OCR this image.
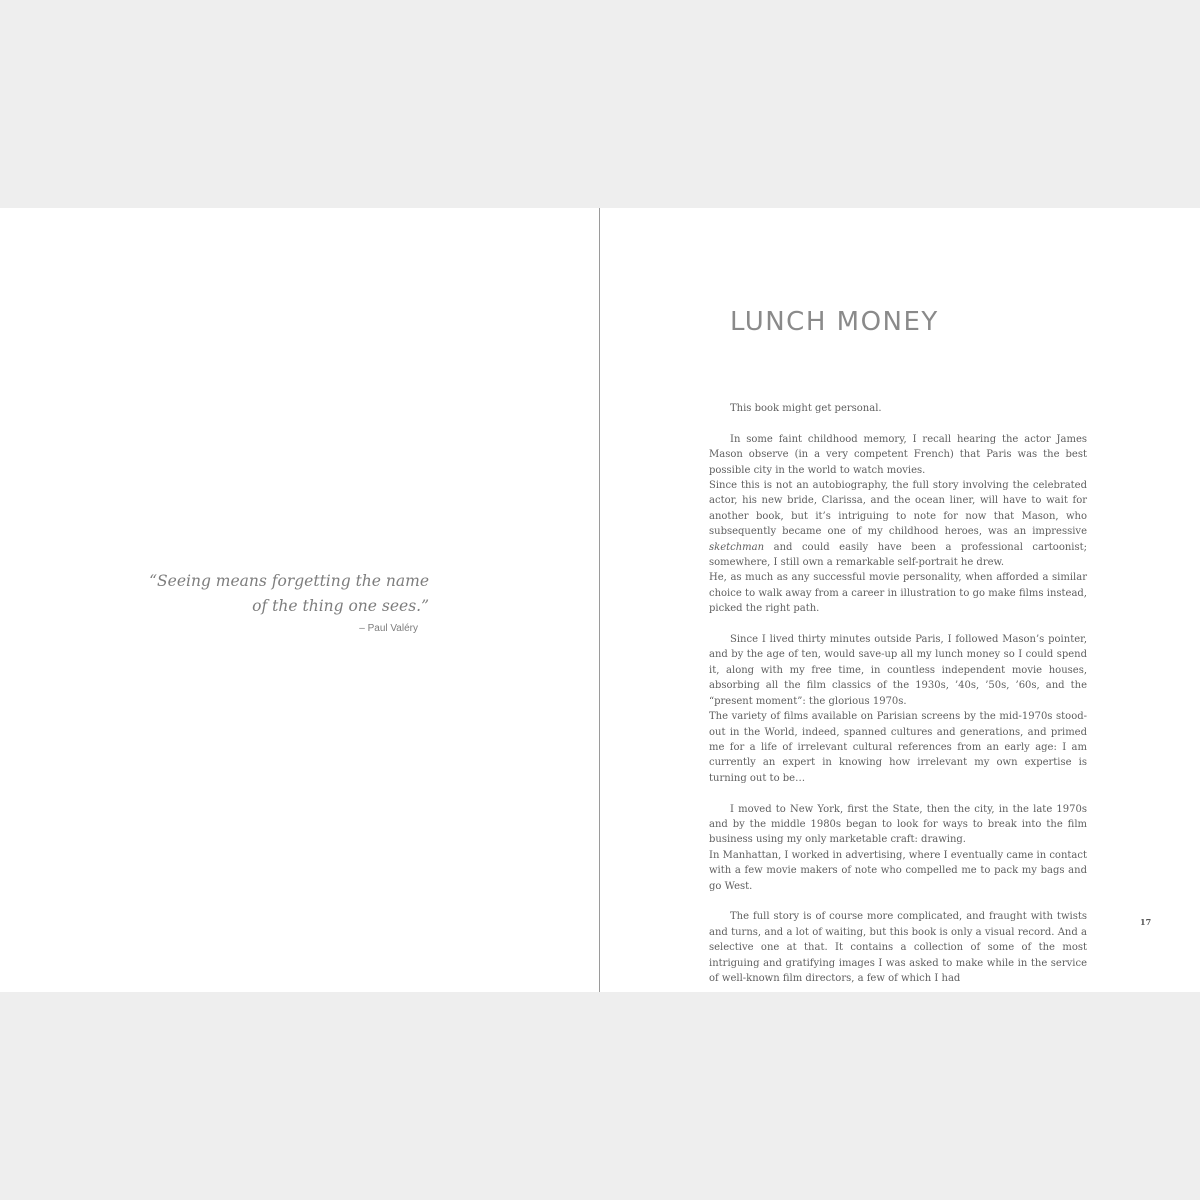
“Seeing means forgetting the name
of the thing one sees.”
– Paul Valéry
LUNCH MONEY

This book might get personal.

In some faint childhood memory, I recall hearing the actor James Mason observe (in a very competent French) that Paris was the best possible city in the world to watch movies.

Since this is not an autobiography, the full story involving the celebrated actor, his new bride, Clarissa, and the ocean liner, will have to wait for another book, but it’s intriguing to note for now that Mason, who subsequently became one of my childhood heroes, was an impressive sketchman and could easily have been a professional cartoonist; somewhere, I still own a remarkable self-portrait he drew.

He, as much as any successful movie personality, when afforded a similar choice to walk away from a career in illustration to go make films instead, picked the right path.

Since I lived thirty minutes outside Paris, I followed Mason’s pointer, and by the age of ten, would save-up all my lunch money so I could spend it, along with my free time, in countless independent movie houses, absorbing all the film classics of the 1930s, ’40s, ’50s, ’60s, and the “present moment”: the glorious 1970s.

The variety of films available on Parisian screens by the mid-1970s stood-out in the World, indeed, spanned cultures and generations, and primed me for a life of irrelevant cultural references from an early age: I am currently an expert in knowing how irrelevant my own expertise is turning out to be…

I moved to New York, first the State, then the city, in the late 1970s and by the middle 1980s began to look for ways to break into the film business using my only marketable craft: drawing.

In Manhattan, I worked in advertising, where I eventually came in contact with a few movie makers of note who compelled me to pack my bags and go West.

The full story is of course more complicated, and fraught with twists and turns, and a lot of waiting, but this book is only a visual record. And a selective one at that. It contains a collection of some of the most intriguing and gratifying images I was asked to make while in the service of well-known film directors, a few of which I had

17
